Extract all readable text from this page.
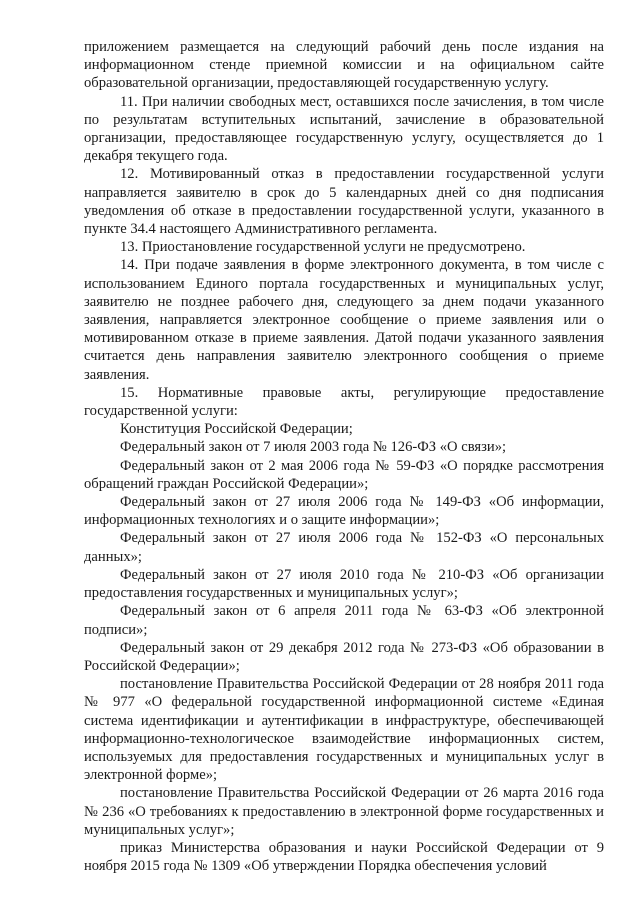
приложением размещается на следующий рабочий день после издания на информационном стенде приемной комиссии и на официальном сайте образовательной организации, предоставляющей государственную услугу.

11. При наличии свободных мест, оставшихся после зачисления, в том числе по результатам вступительных испытаний, зачисление в образовательной организации, предоставляющее государственную услугу, осуществляется до 1 декабря текущего года.

12. Мотивированный отказ в предоставлении государственной услуги направляется заявителю в срок до 5 календарных дней со дня подписания уведомления об отказе в предоставлении государственной услуги, указанного в пункте 34.4 настоящего Административного регламента.

13. Приостановление государственной услуги не предусмотрено.

14. При подаче заявления в форме электронного документа, в том числе с использованием Единого портала государственных и муниципальных услуг, заявителю не позднее рабочего дня, следующего за днем подачи указанного заявления, направляется электронное сообщение о приеме заявления или о мотивированном отказе в приеме заявления. Датой подачи указанного заявления считается день направления заявителю электронного сообщения о приеме заявления.

15. Нормативные правовые акты, регулирующие предоставление государственной услуги:

Конституция Российской Федерации;

Федеральный закон от 7 июля 2003 года № 126-ФЗ «О связи»;

Федеральный закон от 2 мая 2006 года № 59-ФЗ «О порядке рассмотрения обращений граждан Российской Федерации»;

Федеральный закон от 27 июля 2006 года № 149-ФЗ «Об информации, информационных технологиях и о защите информации»;

Федеральный закон от 27 июля 2006 года № 152-ФЗ «О персональных данных»;

Федеральный закон от 27 июля 2010 года № 210-ФЗ «Об организации предоставления государственных и муниципальных услуг»;

Федеральный закон от 6 апреля 2011 года № 63-ФЗ «Об электронной подписи»;

Федеральный закон от 29 декабря 2012 года № 273-ФЗ «Об образовании в Российской Федерации»;

постановление Правительства Российской Федерации от 28 ноября 2011 года № 977 «О федеральной государственной информационной системе «Единая система идентификации и аутентификации в инфраструктуре, обеспечивающей информационно-технологическое взаимодействие информационных систем, используемых для предоставления государственных и муниципальных услуг в электронной форме»;

постановление Правительства Российской Федерации от 26 марта 2016 года № 236 «О требованиях к предоставлению в электронной форме государственных и муниципальных услуг»;

приказ Министерства образования и науки Российской Федерации от 9 ноября 2015 года № 1309 «Об утверждении Порядка обеспечения условий
